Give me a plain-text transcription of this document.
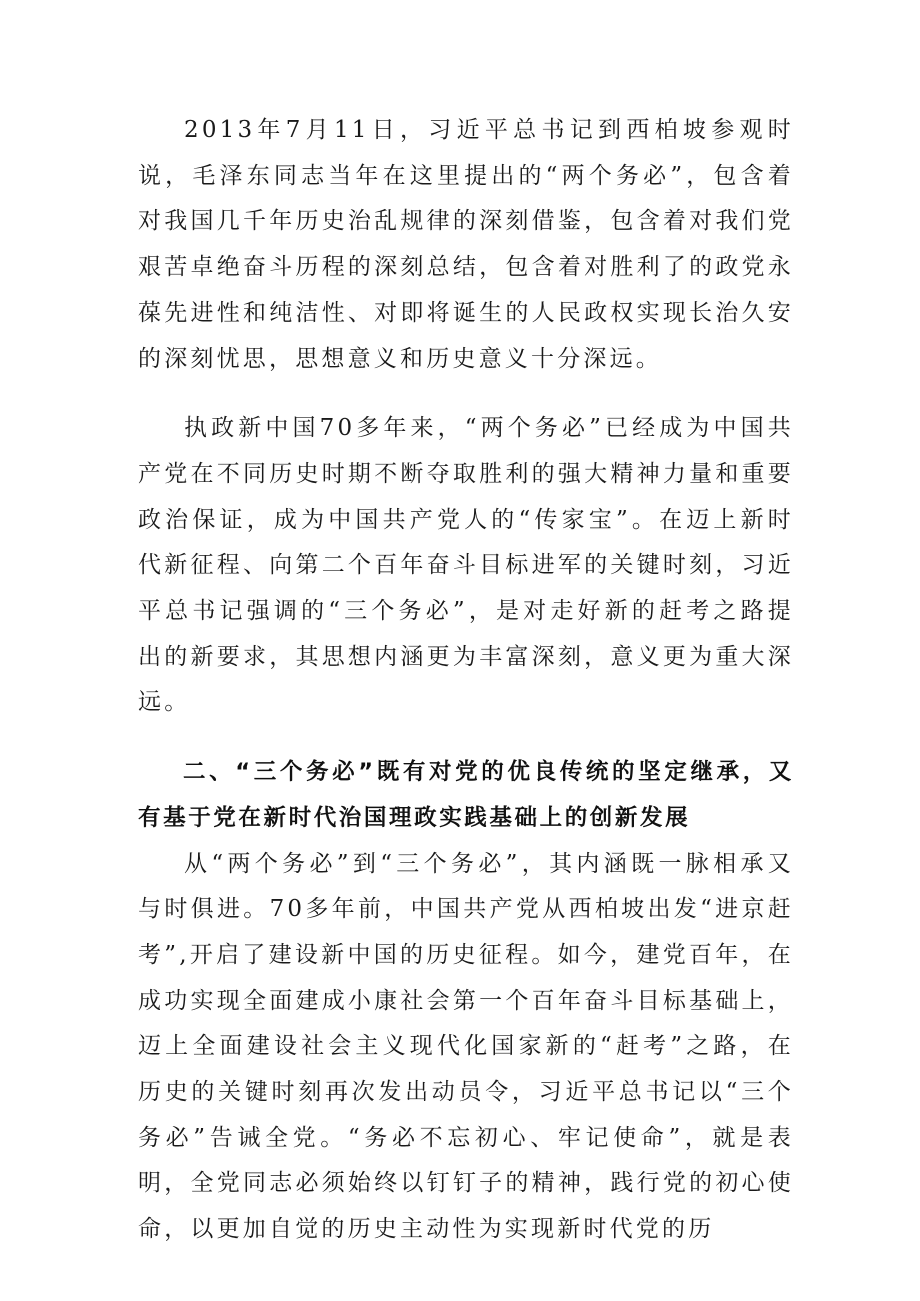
2013年7月11日，习近平总书记到西柏坡参观时说，毛泽东同志当年在这里提出的“两个务必”，包含着对我国几千年历史治乱规律的深刻借鉴，包含着对我们党艰苦卓绝奋斗历程的深刻总结，包含着对胜利了的政党永葆先进性和纯洁性、对即将诞生的人民政权实现长治久安的深刻忧思，思想意义和历史意义十分深远。

执政新中国70多年来，“两个务必”已经成为中国共产党在不同历史时期不断夺取胜利的强大精神力量和重要政治保证，成为中国共产党人的“传家宝”。在迈上新时代新征程、向第二个百年奋斗目标进军的关键时刻，习近平总书记强调的“三个务必”，是对走好新的赶考之路提出的新要求，其思想内涵更为丰富深刻，意义更为重大深远。

二、“三个务必”既有对党的优良传统的坚定继承，又有基于党在新时代治国理政实践基础上的创新发展

从“两个务必”到“三个务必”，其内涵既一脉相承又与时俱进。70多年前，中国共产党从西柏坡出发“进京赶考”,开启了建设新中国的历史征程。如今，建党百年，在成功实现全面建成小康社会第一个百年奋斗目标基础上，迈上全面建设社会主义现代化国家新的“赶考”之路，在历史的关键时刻再次发出动员令，习近平总书记以“三个务必”告诫全党。“务必不忘初心、牢记使命”，就是表明，全党同志必须始终以钉钉子的精神，践行党的初心使命，以更加自觉的历史主动性为实现新时代党的历
